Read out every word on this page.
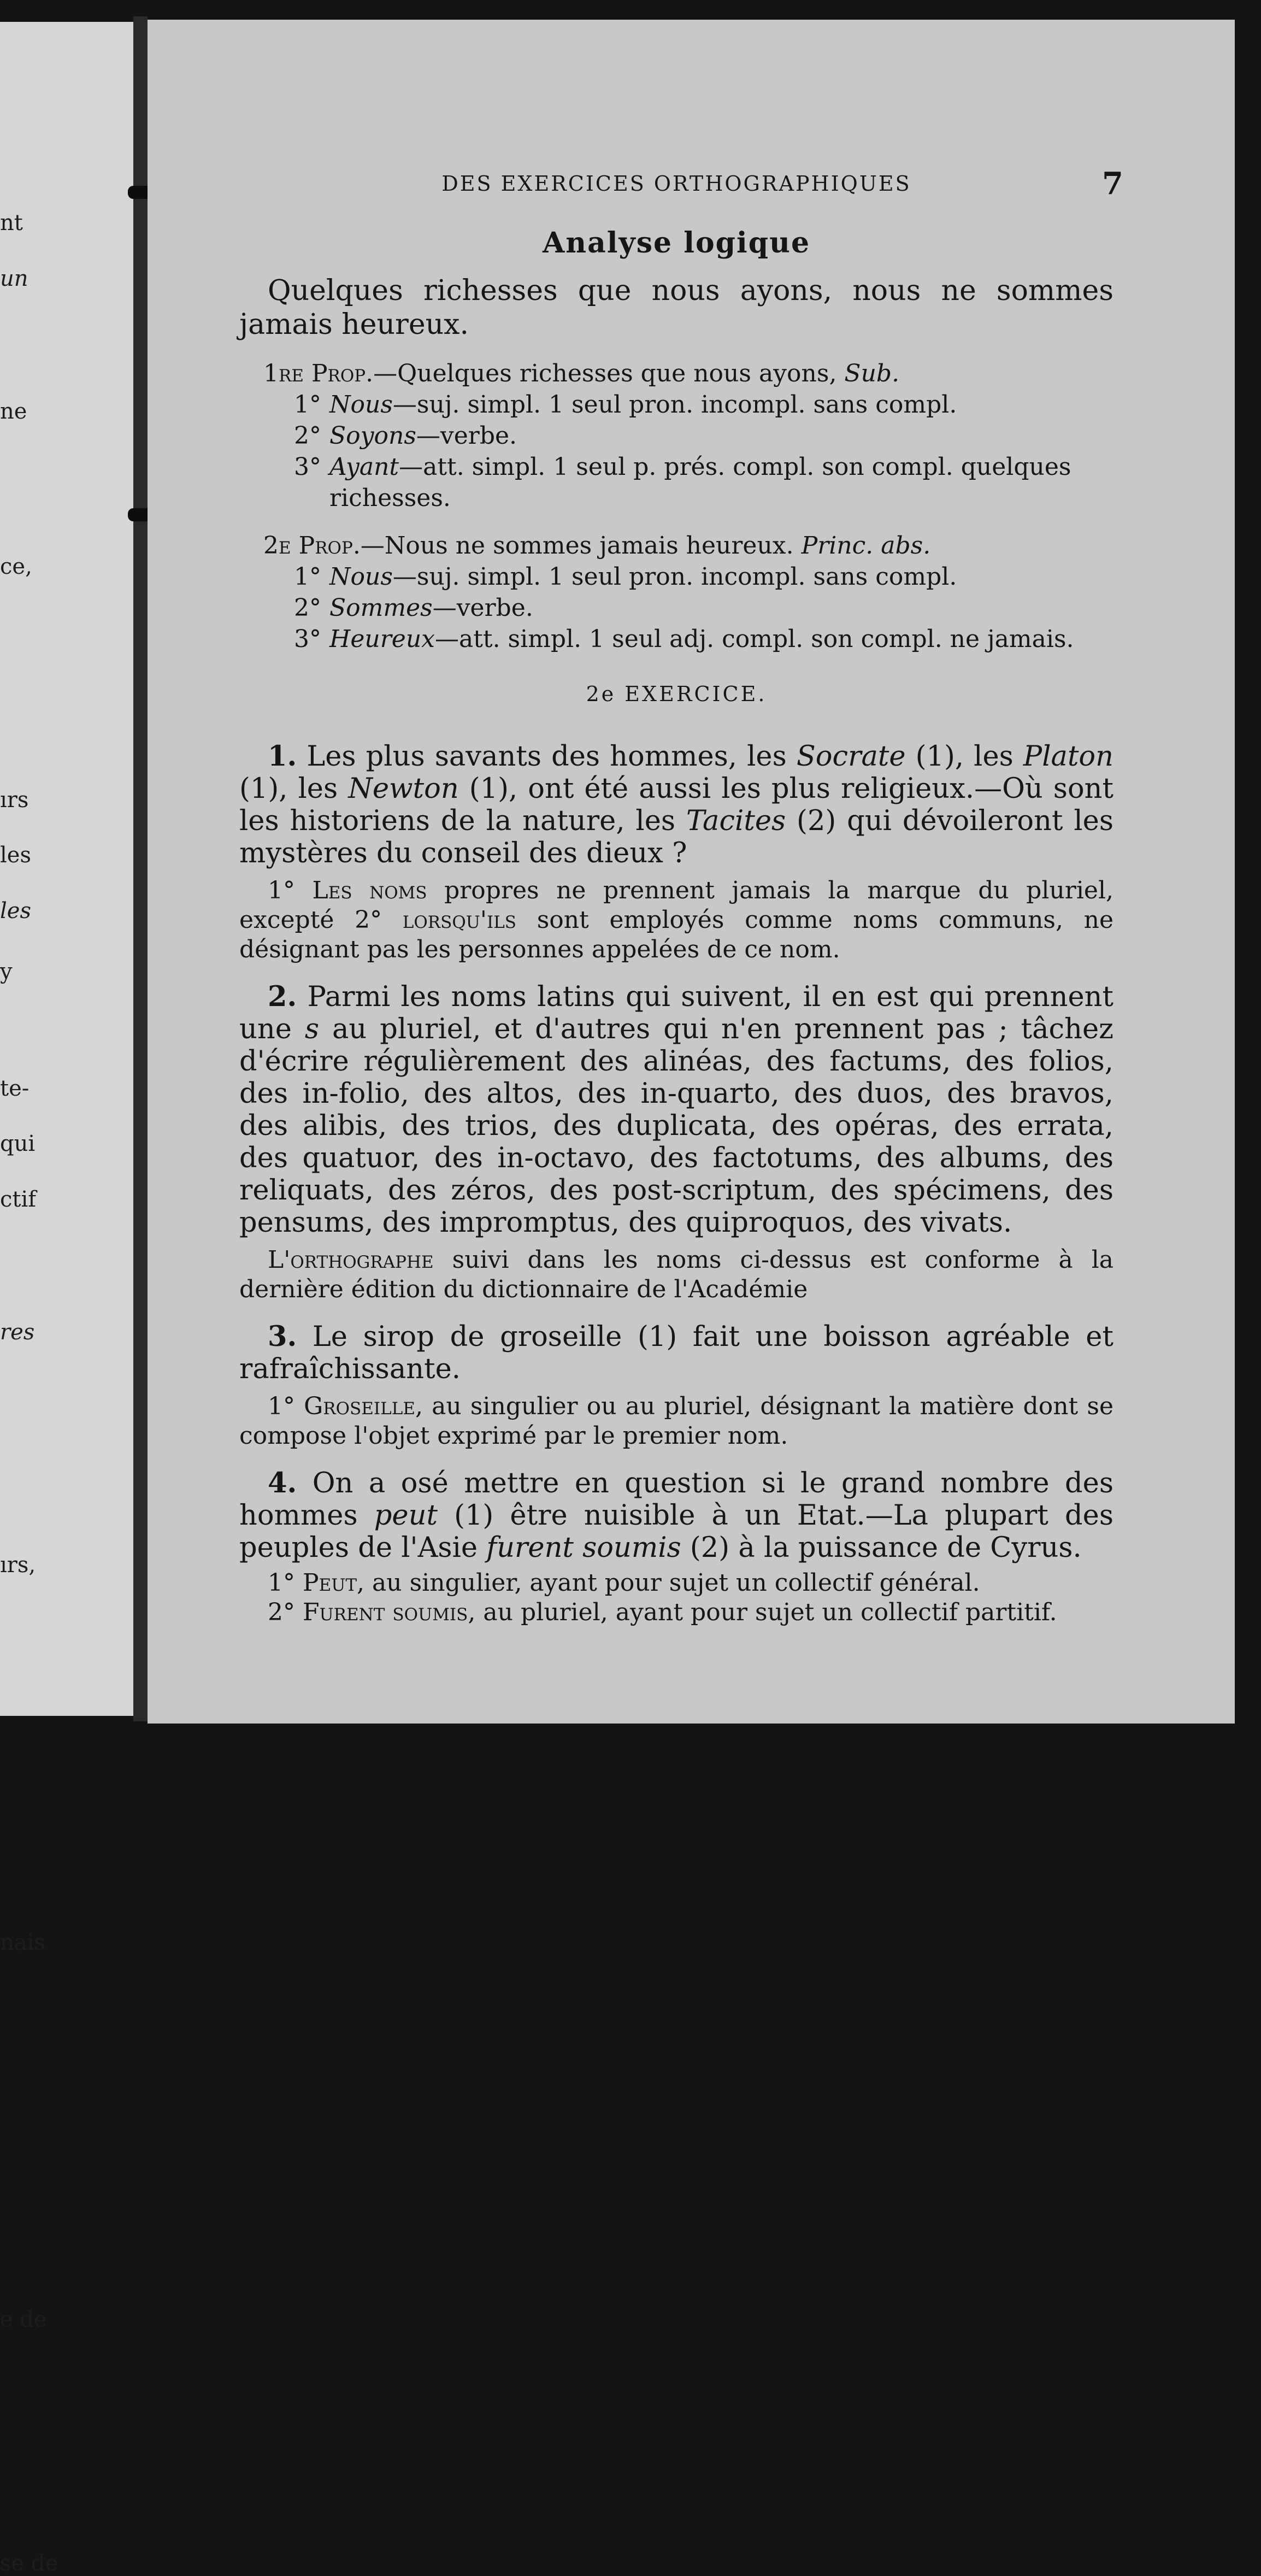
nt
un
ne
ce,
ırs
les
les
y
te-
qui
ctif
res
ırs,
nais
e de
se de
DES EXERCICES ORTHOGRAPHIQUES	7
Analyse logique

Quelques richesses que nous ayons, nous ne sommes jamais heureux.

1re Prop.—Quelques richesses que nous ayons, Sub.
1° Nous—suj. simpl. 1 seul pron. incompl. sans compl.
2° Soyons—verbe.
3° Ayant—att. simpl. 1 seul p. prés. compl. son compl. quelques richesses.
2e Prop.—Nous ne sommes jamais heureux. Princ. abs.
1° Nous—suj. simpl. 1 seul pron. incompl. sans compl.
2° Sommes—verbe.
3° Heureux—att. simpl. 1 seul adj. compl. son compl. ne jamais.
2e EXERCICE.

1. Les plus savants des hommes, les Socrate (1), les Platon (1), les Newton (1), ont été aussi les plus religieux.—Où sont les historiens de la nature, les Tacites (2) qui dévoileront les mystères du conseil des dieux ?

1° Les noms propres ne prennent jamais la marque du pluriel, excepté 2° lorsqu'ils sont employés comme noms communs, ne désignant pas les personnes appelées de ce nom.

2. Parmi les noms latins qui suivent, il en est qui prennent une s au pluriel, et d'autres qui n'en prennent pas ; tâchez d'écrire régulièrement des alinéas, des factums, des folios, des in-folio, des altos, des in-quarto, des duos, des bravos, des alibis, des trios, des duplicata, des opéras, des errata, des quatuor, des in-octavo, des factotums, des albums, des reliquats, des zéros, des post-scriptum, des spécimens, des pensums, des impromptus, des quiproquos, des vivats.

L'orthographe suivi dans les noms ci-dessus est conforme à la dernière édition du dictionnaire de l'Académie

3. Le sirop de groseille (1) fait une boisson agréable et rafraîchissante.

1° Groseille, au singulier ou au pluriel, désignant la matière dont se compose l'objet exprimé par le premier nom.

4. On a osé mettre en question si le grand nombre des hommes peut (1) être nuisible à un Etat.—La plupart des peuples de l'Asie furent soumis (2) à la puissance de Cyrus.

1° Peut, au singulier, ayant pour sujet un collectif général.

2° Furent soumis, au pluriel, ayant pour sujet un collectif partitif.
